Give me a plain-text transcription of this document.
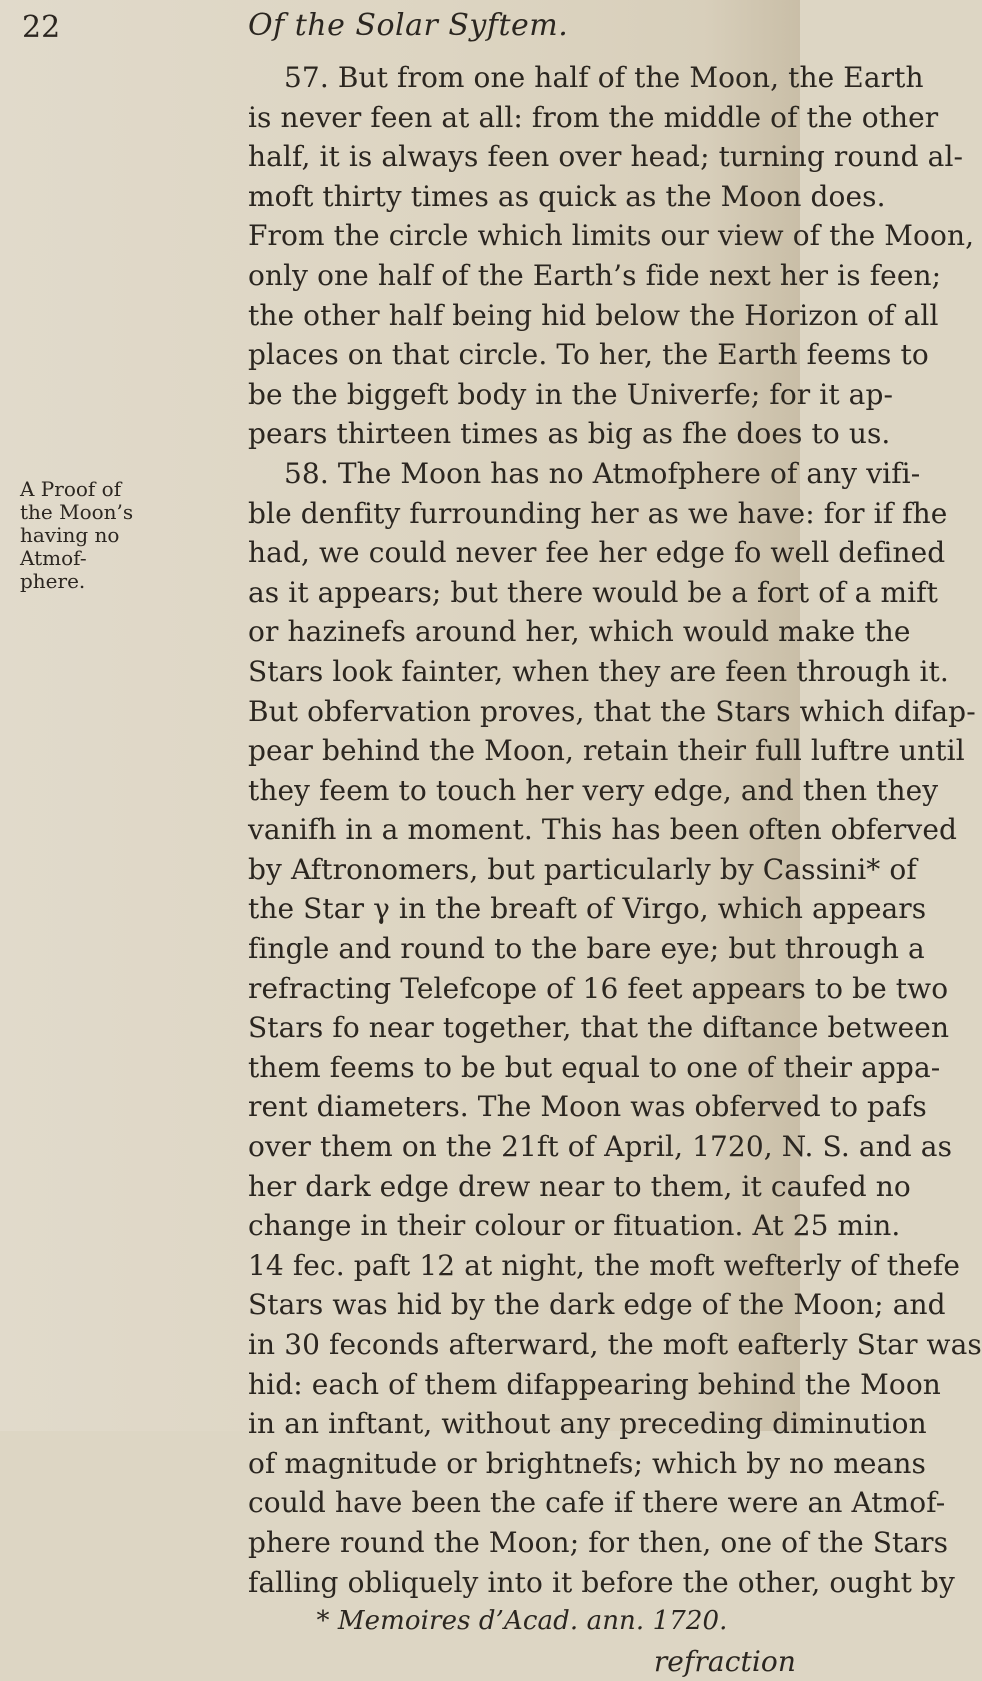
22	Of the Solar Syftem.
A Proof of
the Moon’s
having no
Atmof-
phere.
57. But from one half of the Moon, the Earth
is never feen at all: from the middle of the other
half, it is always feen over head; turning round al-
moft thirty times as quick as the Moon does.
From the circle which limits our view of the Moon,
only one half of the Earth’s fide next her is feen;
the other half being hid below the Horizon of all
places on that circle. To her, the Earth feems to
be the biggeft body in the Univerfe; for it ap-
pears thirteen times as big as fhe does to us.
58. The Moon has no Atmofphere of any vifi-
ble denfity furrounding her as we have: for if fhe
had, we could never fee her edge fo well defined
as it appears; but there would be a fort of a mift
or hazinefs around her, which would make the
Stars look fainter, when they are feen through it.
But obfervation proves, that the Stars which difap-
pear behind the Moon, retain their full luftre until
they feem to touch her very edge, and then they
vanifh in a moment. This has been often obferved
by Aftronomers, but particularly by Cassini* of
the Star γ in the breaft of Virgo, which appears
fingle and round to the bare eye; but through a
refracting Telefcope of 16 feet appears to be two
Stars fo near together, that the diftance between
them feems to be but equal to one of their appa-
rent diameters. The Moon was obferved to pafs
over them on the 21ft of April, 1720, N. S. and as
her dark edge drew near to them, it caufed no
change in their colour or fituation. At 25 min.
14 fec. paft 12 at night, the moft wefterly of thefe
Stars was hid by the dark edge of the Moon; and
in 30 feconds afterward, the moft eafterly Star was
hid: each of them difappearing behind the Moon
in an inftant, without any preceding diminution
of magnitude or brightnefs; which by no means
could have been the cafe if there were an Atmof-
phere round the Moon; for then, one of the Stars
falling obliquely into it before the other, ought by
* Memoires d’Acad. ann. 1720.
refraction
